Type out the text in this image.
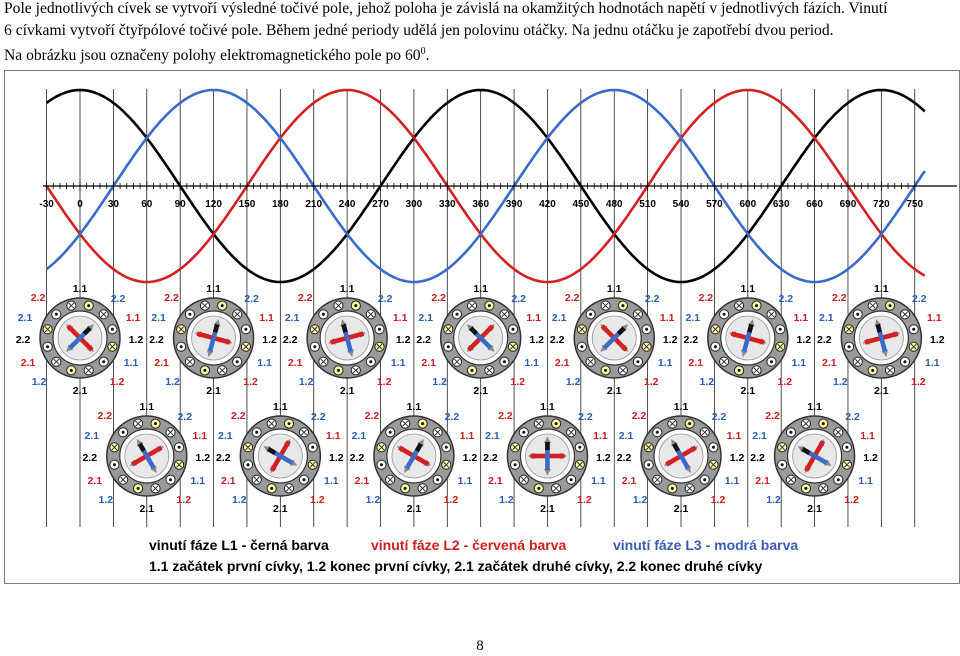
Pole jednotlivých cívek se vytvoří výsledné točivé pole, jehož poloha je závislá na okamžitých hodnotách napětí v jednotlivých fázích. Vinutí

6 cívkami vytvoří čtyřpólové točivé pole. Během jedné periody udělá jen polovinu otáčky. Na jednu otáčku je zapotřebí dvou period.

Na obrázku jsou označeny polohy elektromagnetického pole po $60^0$.

-30 0	30 60 90 120 150 180 210 240 270 300 330 360 390 420 450 480 510 540 570 600 630 660 690 720 750
1.1
2.1
2.2	1.2
2.2	2.2
2.1	1.1
2.1	1.1
1.2	1.2
1.1
2.1
2.2	1.2
2.2	2.2
2.1	1.1
2.1	1.1
1.2	1.2
1.1
2.1
2.2	1.2
2.2	2.2
2.1	1.1
2.1	1.1
1.2	1.2
1.1
2.1
2.2	1.2
2.2	2.2
2.1	1.1
2.1	1.1
1.2	1.2
1.1
2.1
2.2	1.2
2.2	2.2
2.1	1.1
2.1	1.1
1.2	1.2
1.1
2.1
2.2	1.2
2.2	2.2
2.1	1.1
2.1	1.1
1.2	1.2
1.1
2.1
2.2	1.2
2.2	2.2
2.1	1.1
2.1	1.1
1.2	1.2
1.1
2.1
2.2	1.2
2.2	2.2
2.1	1.1
2.1	1.1
1.2	1.2
1.1
2.1
2.2	1.2
2.2	2.2
2.1	1.1
2.1	1.1
1.2	1.2
1.1
2.1
2.2	1.2
2.2	2.2
2.1	1.1
2.1	1.1
1.2	1.2
1.1
2.1
2.2	1.2
2.2	2.2
2.1	1.1
2.1	1.1
1.2	1.2
1.1
2.1
2.2	1.2
2.2	2.2
2.1	1.1
2.1	1.1
1.2	1.2
1.1
2.1
2.2	1.2
2.2	2.2
2.1	1.1
2.1	1.1
1.2	1.2
vinutí fáze L1 - černá barva	vinutí fáze L2 - červená barva	vinutí fáze L3 - modrá barva
1.1 začátek první cívky, 1.2 konec první cívky, 2.1 začátek druhé cívky, 2.2 konec druhé cívky
8
